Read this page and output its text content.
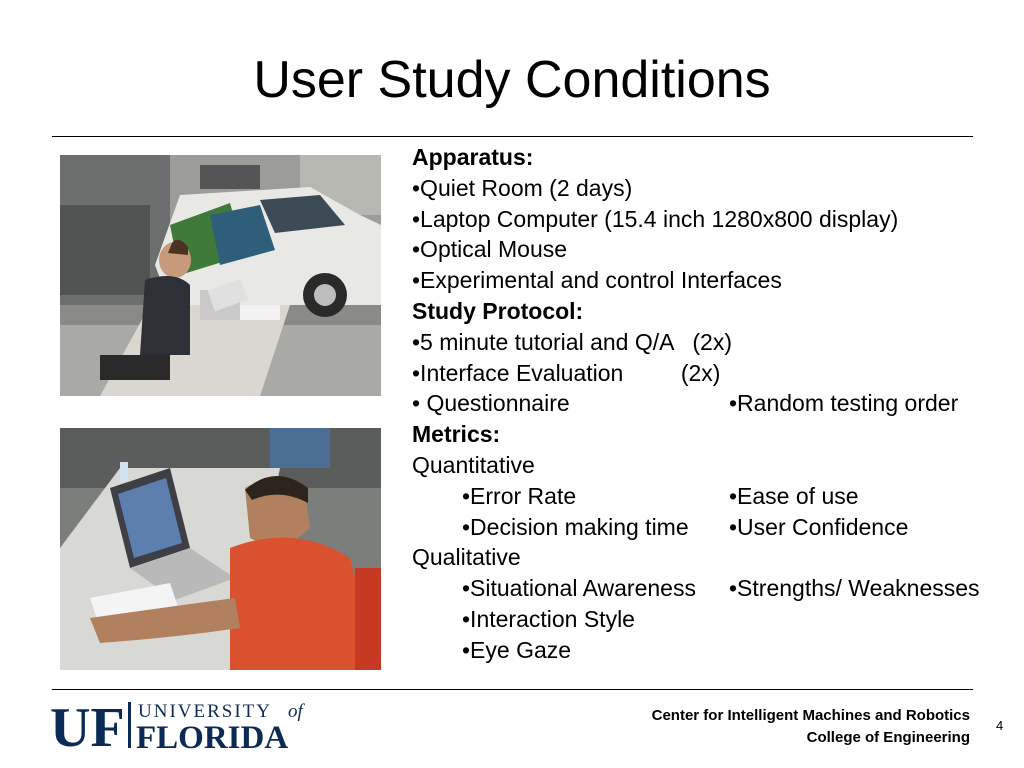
User Study Conditions
Apparatus:
•Quiet Room (2 days)
•Laptop Computer (15.4 inch 1280x800 display)
•Optical Mouse
•Experimental and control Interfaces
Study Protocol:
•5 minute tutorial and Q/A   (2x)
•Interface Evaluation         (2x)
• Questionnaire	•Random testing order
Metrics:
Quantitative
•Error Rate	•Ease of use
•Decision making time •User Confidence
Qualitative
•Situational Awareness •Strengths/ Weaknesses
•Interaction Style
•Eye Gaze
UF UNIVERSITY of
FLORIDA
Center for Intelligent Machines and Robotics
College of Engineering
4
